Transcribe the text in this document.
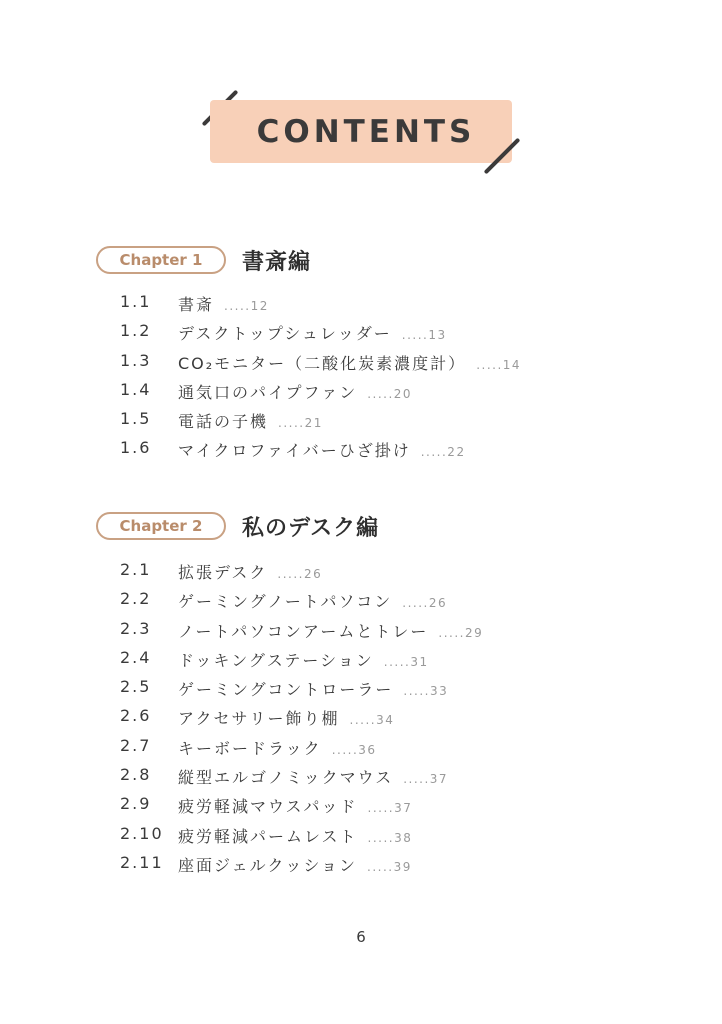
CONTENTS
Chapter 1	書斎編
1.1	書斎 .....12
1.2	デスクトップシュレッダー .....13
1.3	CO₂モニター（二酸化炭素濃度計） .....14
1.4	通気口のパイプファン .....20
1.5	電話の子機 .....21
1.6	マイクロファイバーひざ掛け .....22
Chapter 2	私のデスク編
2.1	拡張デスク .....26
2.2	ゲーミングノートパソコン .....26
2.3	ノートパソコンアームとトレー .....29
2.4	ドッキングステーション .....31
2.5	ゲーミングコントローラー .....33
2.6	アクセサリー飾り棚 .....34
2.7	キーボードラック .....36
2.8	縦型エルゴノミックマウス .....37
2.9	疲労軽減マウスパッド .....37
2.10 疲労軽減パームレスト .....38
2.11 座面ジェルクッション .....39
6
